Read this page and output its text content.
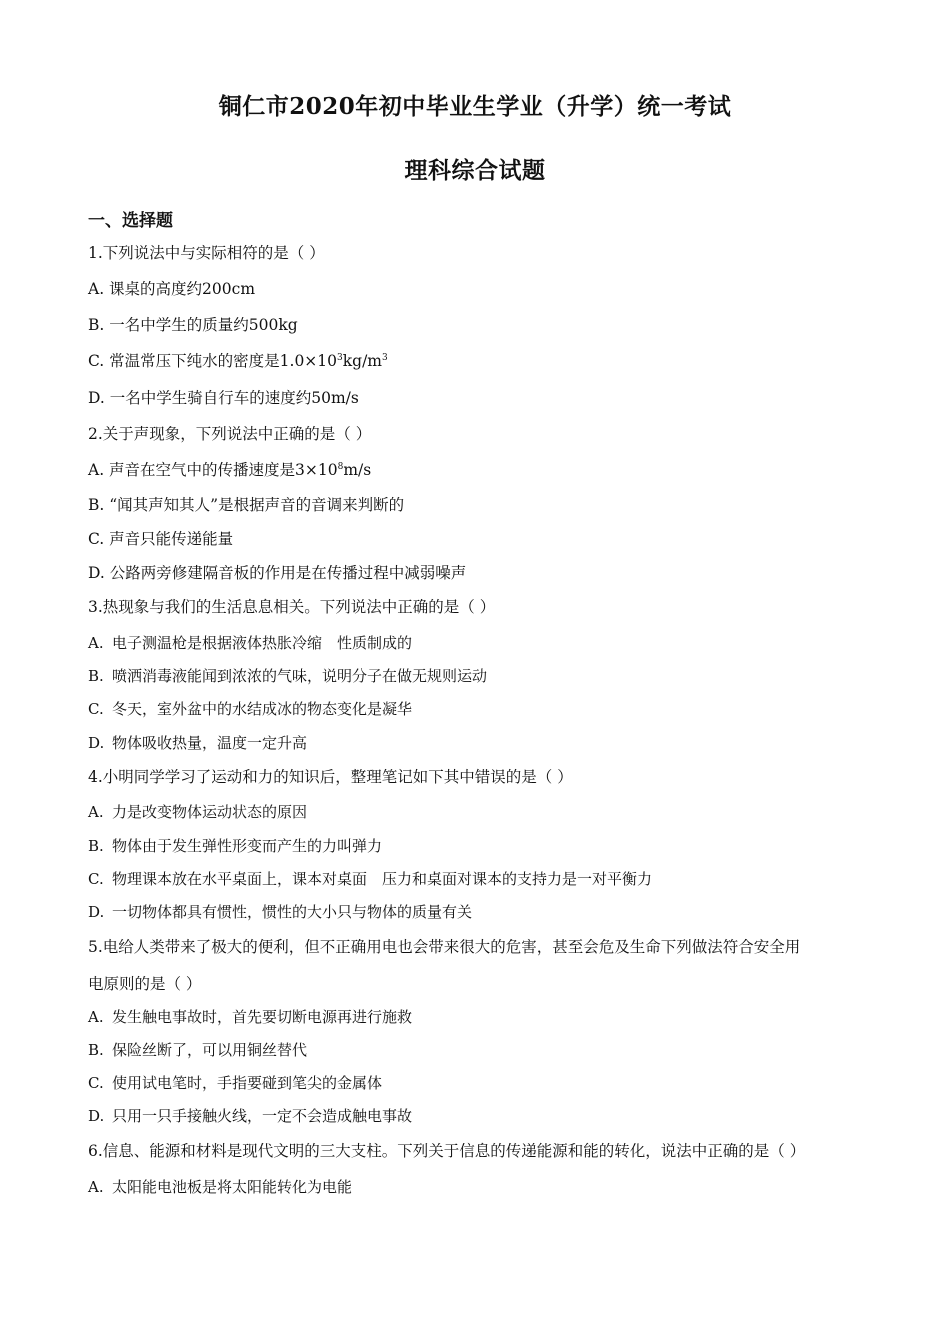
铜仁市2020年初中毕业生学业（升学）统一考试
理科综合试题
一、选择题
1.下列说法中与实际相符的是（ ）
A. 课桌的高度约200cm
B. 一名中学生的质量约500kg
C. 常温常压下纯水的密度是$1.0\times 10^3kg/m^3$
D. 一名中学生骑自行车的速度约50m/s
2.关于声现象，下列说法中正确的是（ ）
A. 声音在空气中的传播速度是$3\times 10^8m/s$
B. “闻其声知其人”是根据声音的音调来判断的
C. 声音只能传递能量
D. 公路两旁修建隔音板的作用是在传播过程中减弱噪声
3.热现象与我们的生活息息相关。下列说法中正确的是（ ）
A. 电子测温枪是根据液体热胀冷缩　性质制成的
B. 喷洒消毒液能闻到浓浓的气味，说明分子在做无规则运动
C. 冬天，室外盆中的水结成冰的物态变化是凝华
D. 物体吸收热量，温度一定升高
4.小明同学学习了运动和力的知识后，整理笔记如下其中错误的是（ ）
A. 力是改变物体运动状态的原因
B. 物体由于发生弹性形变而产生的力叫弹力
C. 物理课本放在水平桌面上，课本对桌面　压力和桌面对课本的支持力是一对平衡力
D. 一切物体都具有惯性，惯性的大小只与物体的质量有关
5.电给人类带来了极大的便利，但不正确用电也会带来很大的危害，甚至会危及生命下列做法符合安全用
电原则的是（ ）
A. 发生触电事故时，首先要切断电源再进行施救
B. 保险丝断了，可以用铜丝替代
C. 使用试电笔时，手指要碰到笔尖的金属体
D. 只用一只手接触火线，一定不会造成触电事故
6.信息、能源和材料是现代文明的三大支柱。下列关于信息的传递能源和能的转化，说法中正确的是（ ）
A. 太阳能电池板是将太阳能转化为电能
